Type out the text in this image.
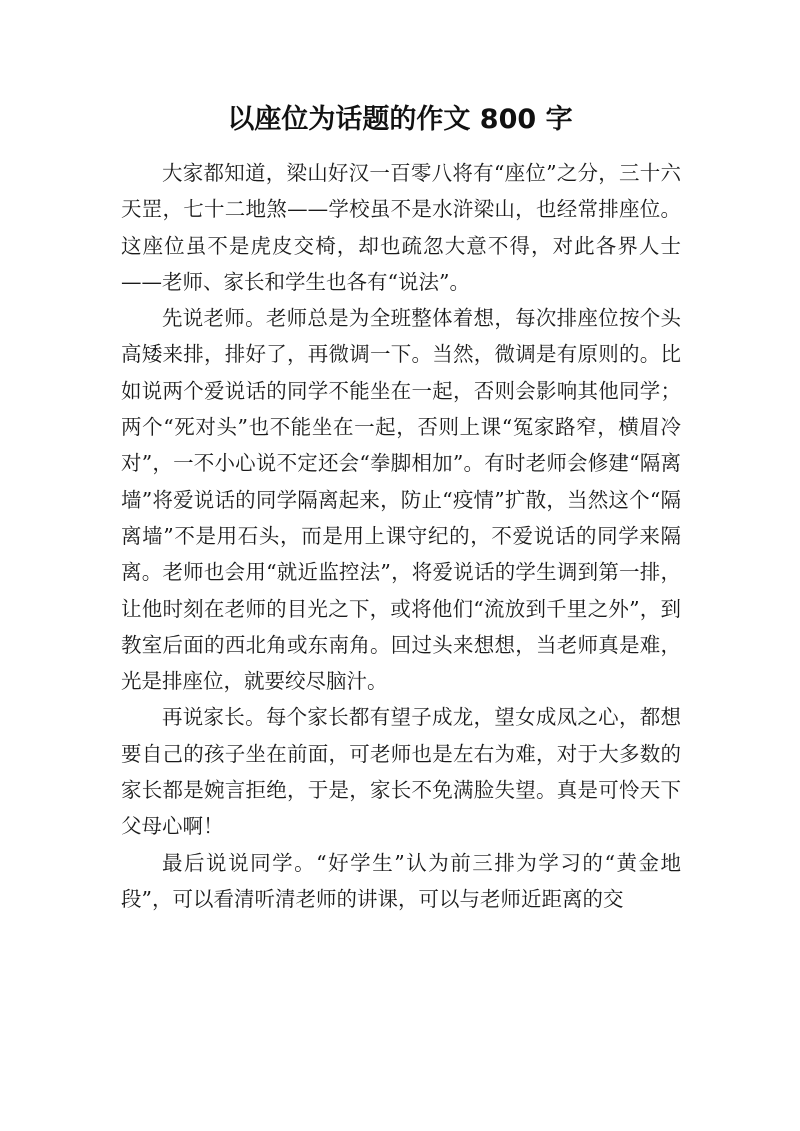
以座位为话题的作文 800 字

大家都知道，梁山好汉一百零八将有“座位”之分，三十六天罡，七十二地煞——学校虽不是水浒梁山，也经常排座位。这座位虽不是虎皮交椅，却也疏忽大意不得，对此各界人士——老师、家长和学生也各有“说法”。

先说老师。老师总是为全班整体着想，每次排座位按个头高矮来排，排好了，再微调一下。当然，微调是有原则的。比如说两个爱说话的同学不能坐在一起，否则会影响其他同学；两个“死对头”也不能坐在一起，否则上课“冤家路窄，横眉冷对”，一不小心说不定还会“拳脚相加”。有时老师会修建“隔离墙”将爱说话的同学隔离起来，防止“疫情”扩散，当然这个“隔离墙”不是用石头，而是用上课守纪的，不爱说话的同学来隔离。老师也会用“就近监控法”，将爱说话的学生调到第一排，让他时刻在老师的目光之下，或将他们“流放到千里之外”，到教室后面的西北角或东南角。回过头来想想，当老师真是难，光是排座位，就要绞尽脑汁。

再说家长。每个家长都有望子成龙，望女成凤之心，都想要自己的孩子坐在前面，可老师也是左右为难，对于大多数的家长都是婉言拒绝，于是，家长不免满脸失望。真是可怜天下父母心啊！

最后说说同学。“好学生”认为前三排为学习的“黄金地段”，可以看清听清老师的讲课，可以与老师近距离的交
